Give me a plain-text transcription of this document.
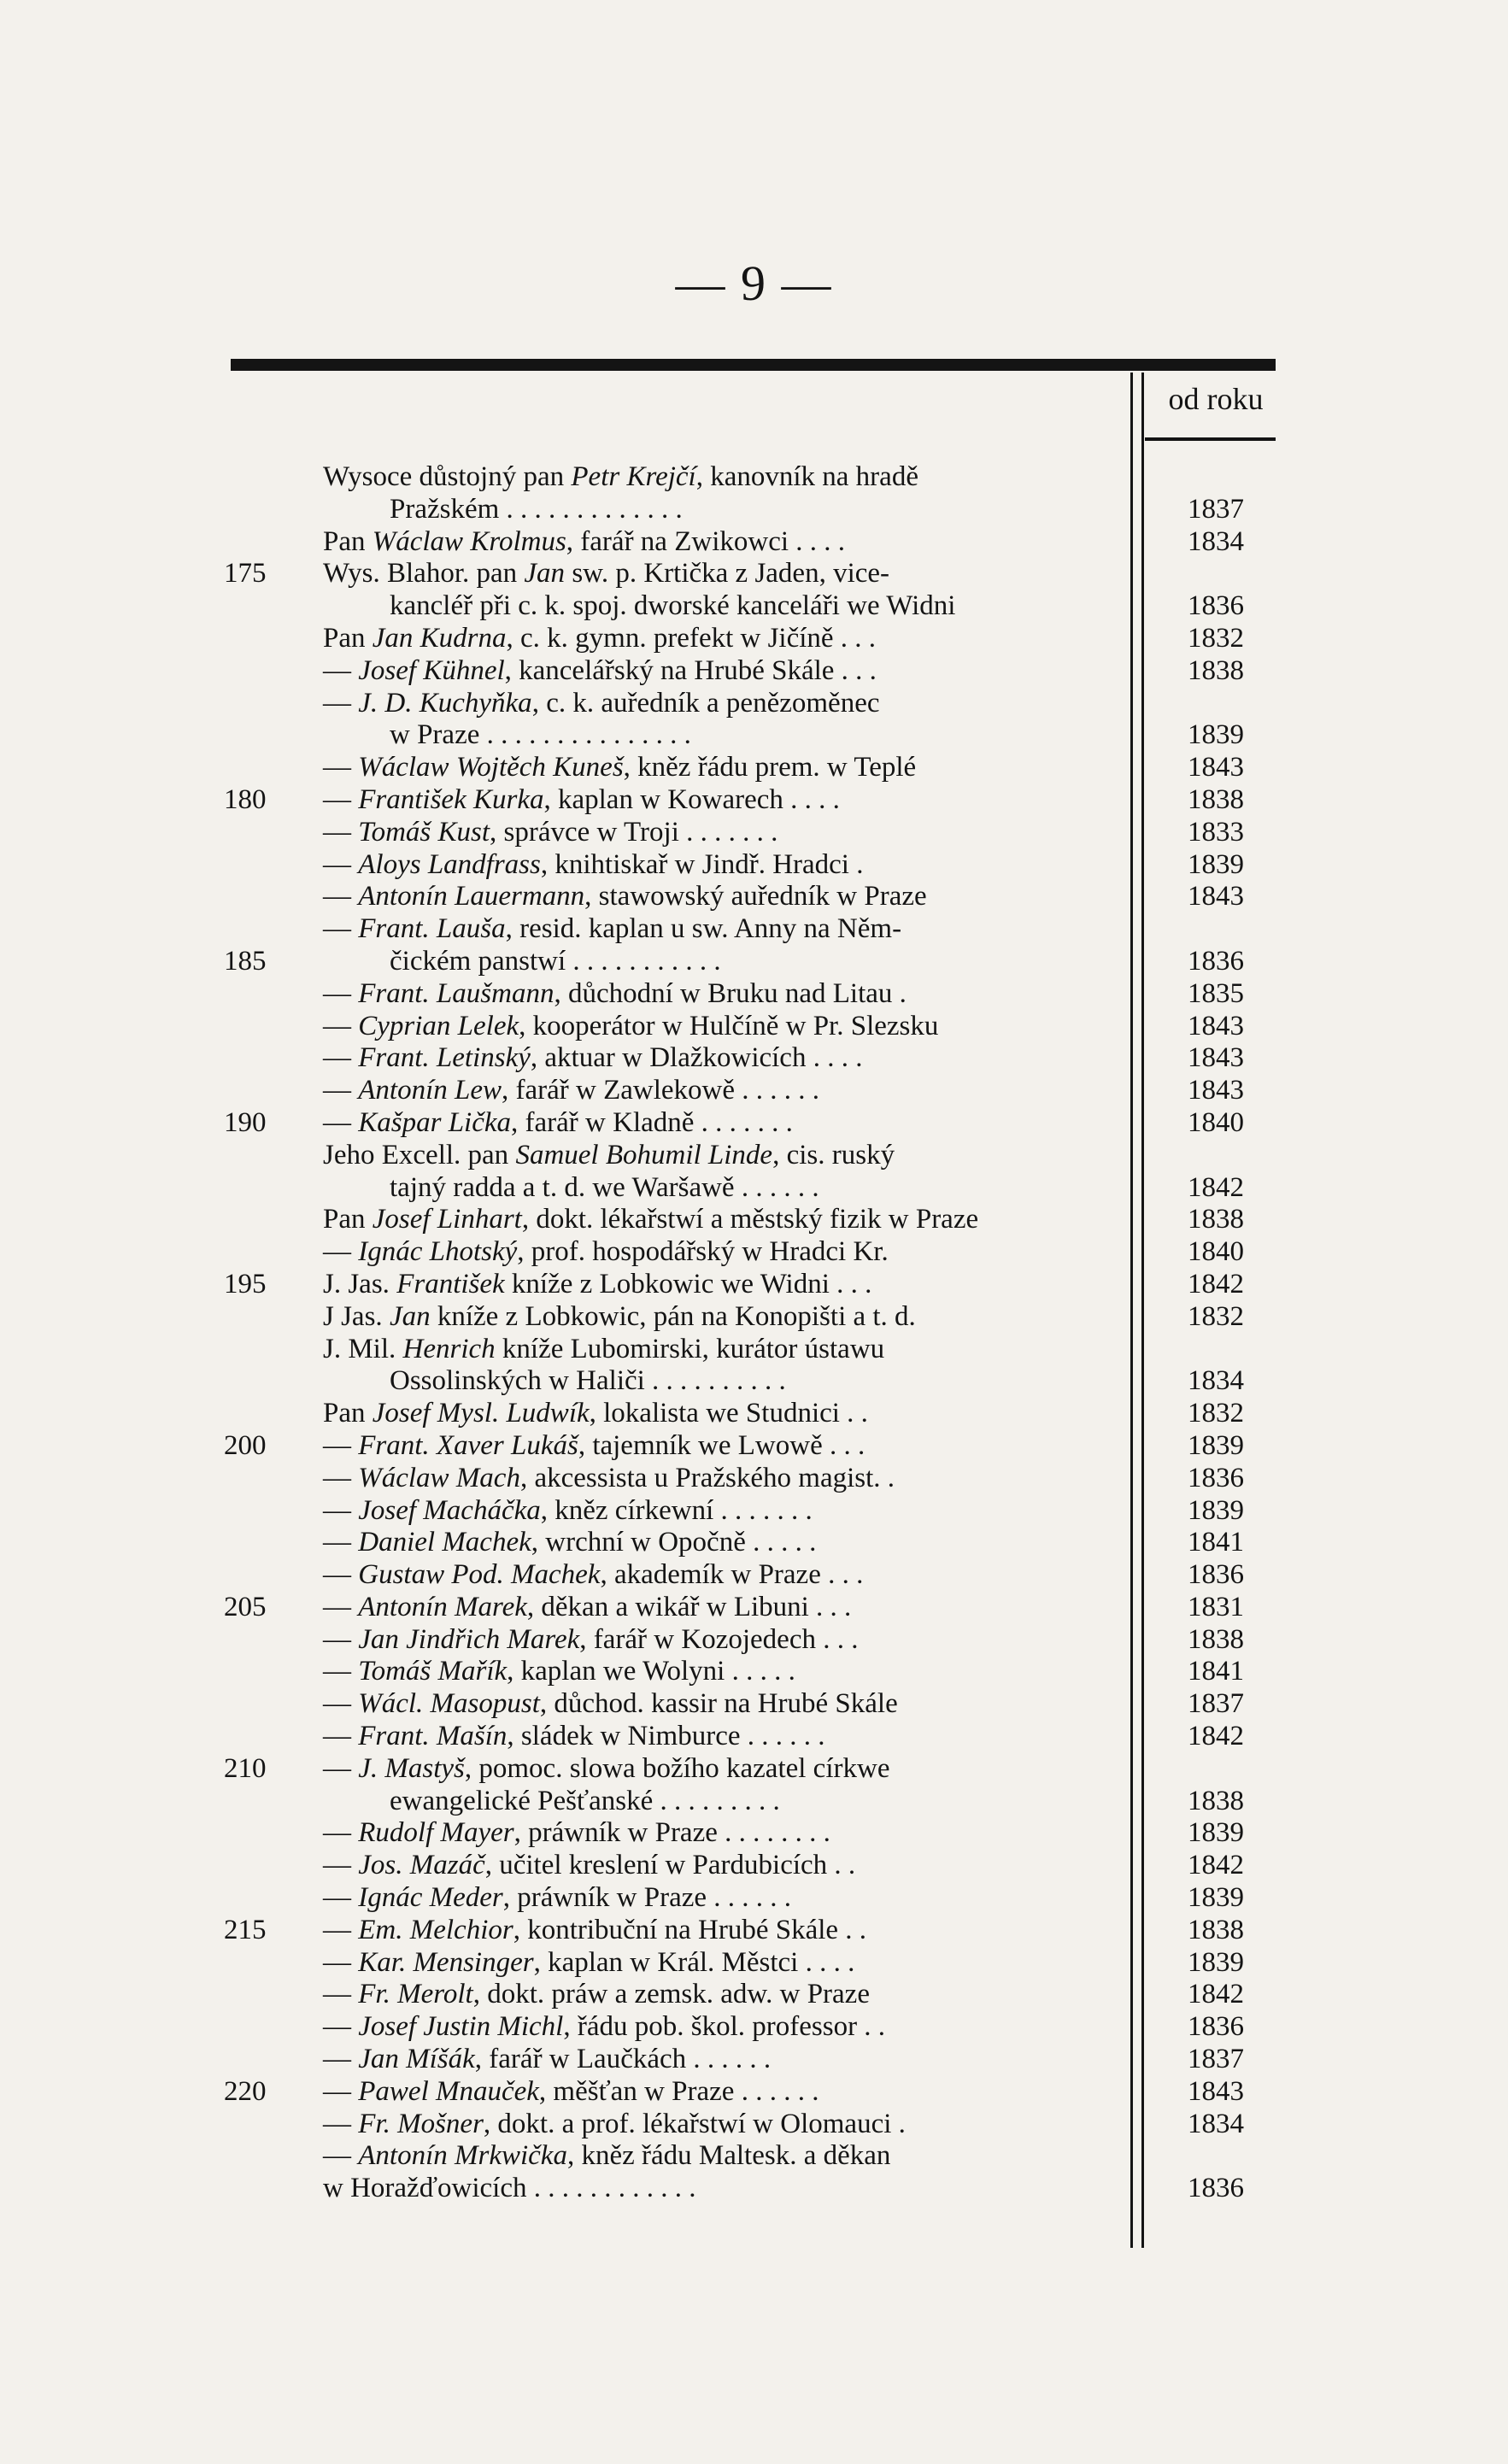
— 9 —
od roku
Wysoce důstojný pan Petr Krejčí, kanovník na hradě
Pražském . . . . . . . . . . . . .	1837
Pan Wáclaw Krolmus, farář na Zwikowci . . . .	1834
175	Wys. Blahor. pan Jan sw. p. Krtička z Jaden, vice-
kancléř při c. k. spoj. dworské kanceláři we Widni	1836
Pan Jan Kudrna, c. k. gymn. prefekt w Jičíně . . .	1832
— Josef Kühnel, kancelářský na Hrubé Skále . . .	1838
— J. D. Kuchyňka, c. k. auředník a penězoměnec
w Praze . . . . . . . . . . . . . . .	1839
— Wáclaw Wojtěch Kuneš, kněz řádu prem. w Teplé	1843
180	— František Kurka, kaplan w Kowarech . . . .	1838
— Tomáš Kust, správce w Troji . . . . . . .	1833
— Aloys Landfrass, knihtiskař w Jindř. Hradci .	1839
— Antonín Lauermann, stawowský auředník w Praze	1843
— Frant. Lauša, resid. kaplan u sw. Anny na Něm-
185	čickém panstwí . . . . . . . . . . .	1836
— Frant. Laušmann, důchodní w Bruku nad Litau .	1835
— Cyprian Lelek, kooperátor w Hulčíně w Pr. Slezsku	1843
— Frant. Letinský, aktuar w Dlažkowicích . . . .	1843
— Antonín Lew, farář w Zawlekowě . . . . . .	1843
190	— Kašpar Lička, farář w Kladně . . . . . . .	1840
Jeho Excell. pan Samuel Bohumil Linde, cis. ruský
tajný radda a t. d. we Waršawě . . . . . .	1842
Pan Josef Linhart, dokt. lékařstwí a městský fizik w Praze	1838
— Ignác Lhotský, prof. hospodářský w Hradci Kr.	1840
195	J. Jas. František kníže z Lobkowic we Widni . . .	1842
J Jas. Jan kníže z Lobkowic, pán na Konopišti a t. d.	1832
J. Mil. Henrich kníže Lubomirski, kurátor ústawu
Ossolinských w Haliči . . . . . . . . . .	1834
Pan Josef Mysl. Ludwík, lokalista we Studnici . .	1832
200	— Frant. Xaver Lukáš, tajemník we Lwowě . . .	1839
— Wáclaw Mach, akcessista u Pražského magist. .	1836
— Josef Macháčka, kněz církewní . . . . . . .	1839
— Daniel Machek, wrchní w Opočně . . . . .	1841
— Gustaw Pod. Machek, akademík w Praze . . .	1836
205	— Antonín Marek, děkan a wikář w Libuni . . .	1831
— Jan Jindřich Marek, farář w Kozojedech . . .	1838
— Tomáš Mařík, kaplan we Wolyni . . . . .	1841
— Wácl. Masopust, důchod. kassir na Hrubé Skále	1837
— Frant. Mašín, sládek w Nimburce . . . . . .	1842
210	— J. Mastyš, pomoc. slowa božího kazatel církwe
ewangelické Pešťanské . . . . . . . . .	1838
— Rudolf Mayer, práwník w Praze . . . . . . . .	1839
— Jos. Mazáč, učitel kreslení w Pardubicích . .	1842
— Ignác Meder, práwník w Praze . . . . . .	1839
215	— Em. Melchior, kontribuční na Hrubé Skále . .	1838
— Kar. Mensinger, kaplan w Král. Městci . . . .	1839
— Fr. Merolt, dokt. práw a zemsk. adw. w Praze	1842
— Josef Justin Michl, řádu pob. škol. professor . .	1836
— Jan Míšák, farář w Laučkách . . . . . .	1837
220	— Pawel Mnauček, měšťan w Praze . . . . . .	1843
— Fr. Mošner, dokt. a prof. lékařstwí w Olomauci .	1834
— Antonín Mrkwička, kněz řádu Maltesk. a děkan
w Horažďowicích . . . . . . . . . . . .	1836
